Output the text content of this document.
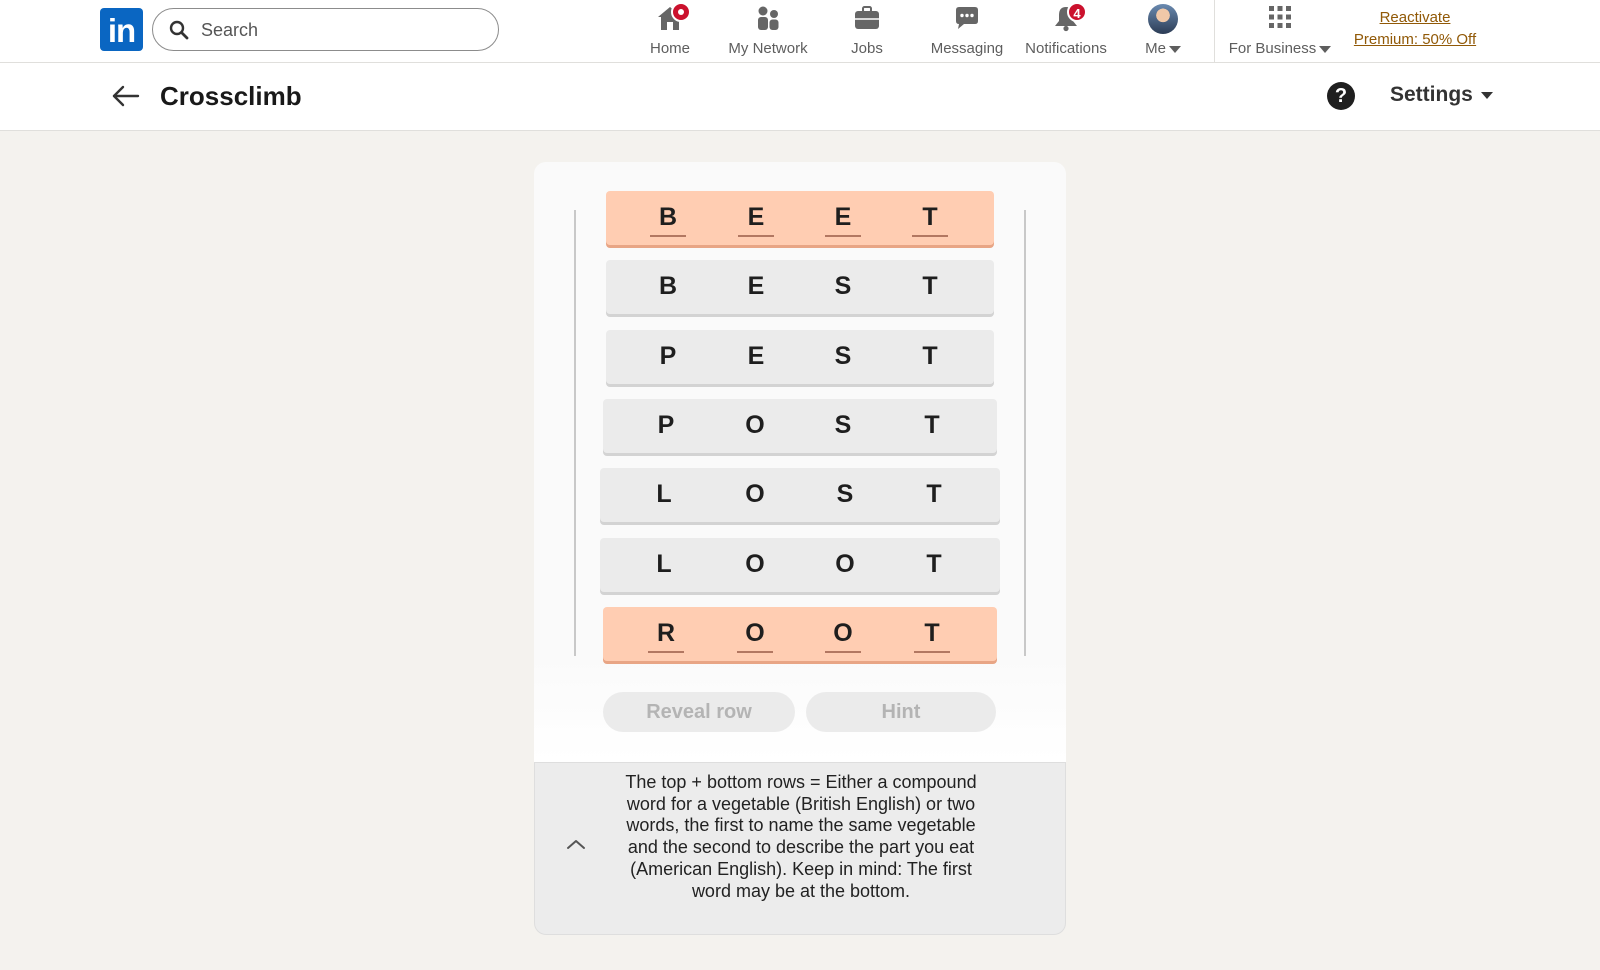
in
Search	Home	My Network	Jobs	Messaging
4
Notifications	Me	For Business
Reactivate
Premium: 50% Off
Crossclimb	?	Settings
B	E	E	T
B	E	S	T
P	E	S	T
P	O	S	T
L	O	S	T
L	O	O	T
R	O	O	T
Reveal row	Hint
The top + bottom rows = Either a compound word for a vegetable (British English) or two words, the first to name the same vegetable and the second to describe the part you eat (American English). Keep in mind: The first word may be at the bottom.
